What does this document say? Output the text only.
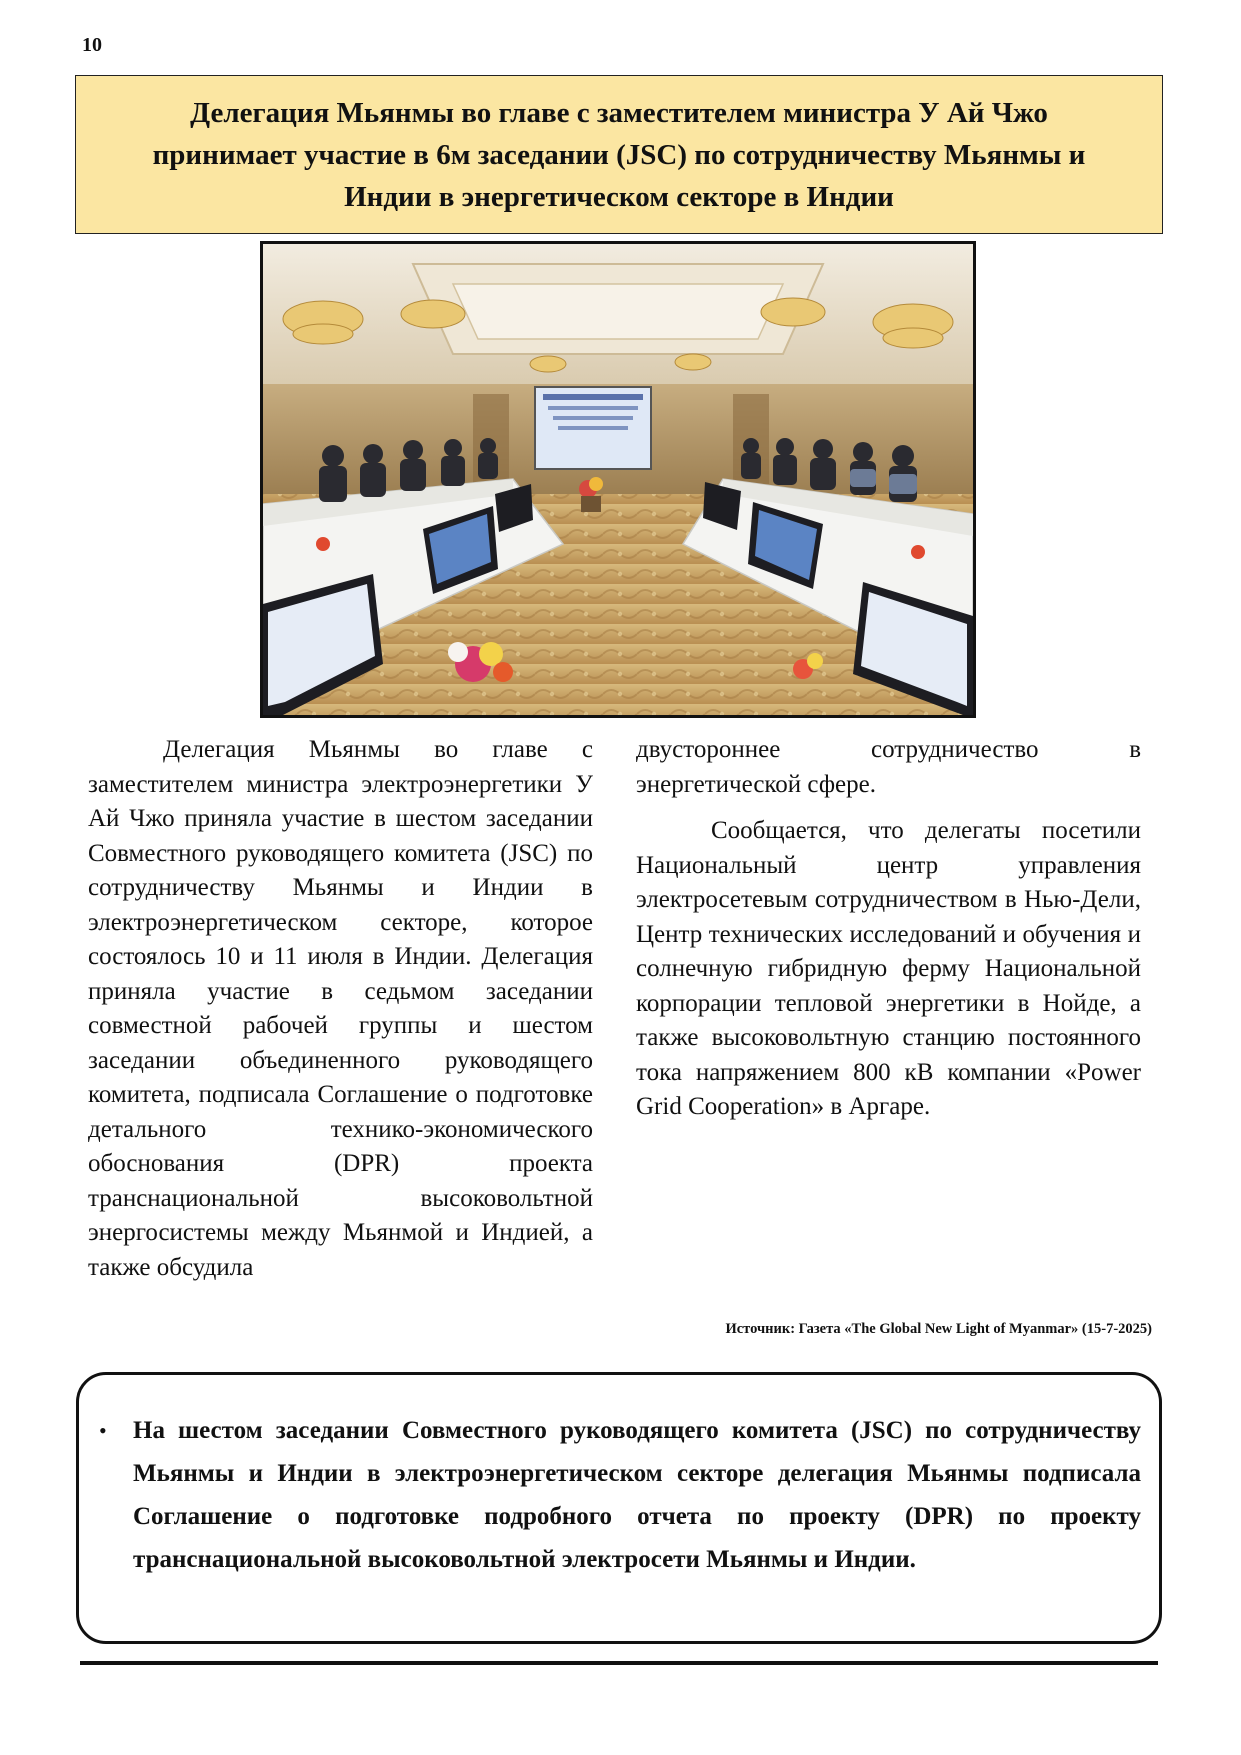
10
Делегация Мьянмы во главе с заместителем министра У Ай Чжо принимает участие в 6м заседании (JSC) по сотрудничеству Мьянмы и Индии в энергетическом секторе в Индии

Делегация Мьянмы во главе с заместителем министра электроэнергетики У Ай Чжо приняла участие в шестом заседании Совместного руководящего комитета (JSC) по сотрудничеству Мьянмы и Индии в электроэнергетическом секторе, которое состоялось 10 и 11 июля в Индии. Делегация приняла участие в седьмом заседании совместной рабочей группы и шестом заседании объединенного руководящего комитета, подписала Соглашение о подготовке детального технико-экономического обоснования (DPR) проекта транснациональной высоковольтной энергосистемы между Мьянмой и Индией, а также обсудила

двустороннее сотрудничество в энергетической сфере.

Сообщается, что делегаты посетили Национальный центр управления электросетевым сотрудничеством в Нью-Дели, Центр технических исследований и обучения и солнечную гибридную ферму Национальной корпорации тепловой энергетики в Нойде, а также высоковольтную станцию постоянного тока напряжением 800 кВ компании «Power Grid Cooperation» в Аргаре.

Источник: Газета «The Global New Light of Myanmar» (15-7-2025)
•	На шестом заседании Совместного руководящего комитета (JSC) по сотрудничеству Мьянмы и Индии в электроэнергетическом секторе делегация Мьянмы подписала Соглашение о подготовке подробного отчета по проекту (DPR) по проекту транснациональной высоковольтной электросети Мьянмы и Индии.
